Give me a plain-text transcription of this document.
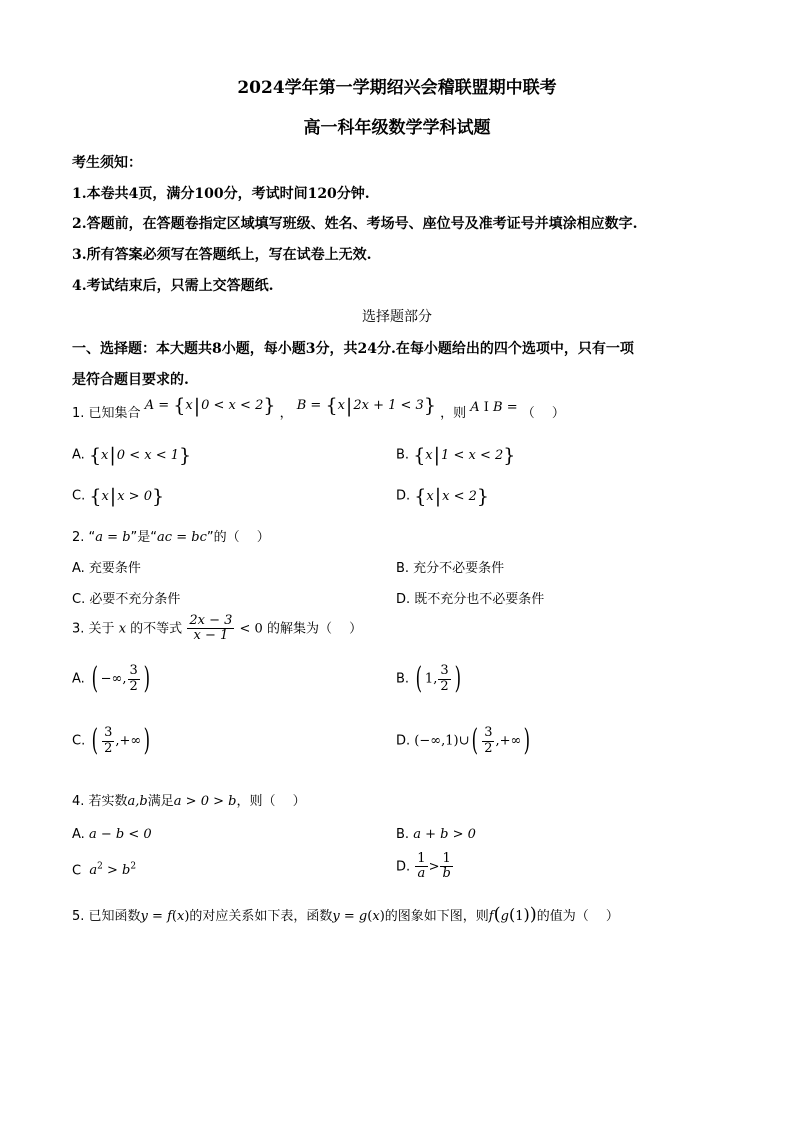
2024学年第一学期绍兴会稽联盟期中联考
高一科年级数学学科试题
考生须知：
1.本卷共4页，满分100分，考试时间120分钟.
2.答题前，在答题卷指定区域填写班级、姓名、考场号、座位号及准考证号并填涂相应数字.
3.所有答案必须写在答题纸上，写在试卷上无效.
4.考试结束后，只需上交答题纸.
选择题部分
一、选择题：本大题共8小题，每小题3分，共24分.在每小题给出的四个选项中，只有一项
是符合题目要求的.
1. 已知集合 A = {x|0 < x < 2} ， B = {x|2x + 1 < 3} ，则 A I B = （　 ）
A. {x|0 < x < 1}	B. {x|1 < x < 2}
C. {x|x > 0}	D. {x|x < 2}
2. “a = b”是“ac = bc”的（　 ）
A. 充要条件	B. 充分不必要条件
C. 必要不充分条件	D. 既不充分也不必要条件
3. 关于 x 的不等式 $\frac{2x - 3}{x - 1} < 0$ 的解集为（　 ）
A. ( −∞, $\frac{3}{2}$ )	B. ( 1, $\frac{3}{2}$ )
C. ( $\frac{3}{2}$ ,+∞)	D. (−∞,1)∪( $\frac{3}{2}$ ,+∞)
4. 若实数a,b满足a > 0 > b，则（　 ）
A. a − b < 0	B. a + b > 0
C  $a^2 > b^2$	D. $\frac{1}{a} > \frac{1}{b}$
5. 已知函数y = f(x)的对应关系如下表，函数y = g(x)的图象如下图，则f(g(1))的值为（　 ）
